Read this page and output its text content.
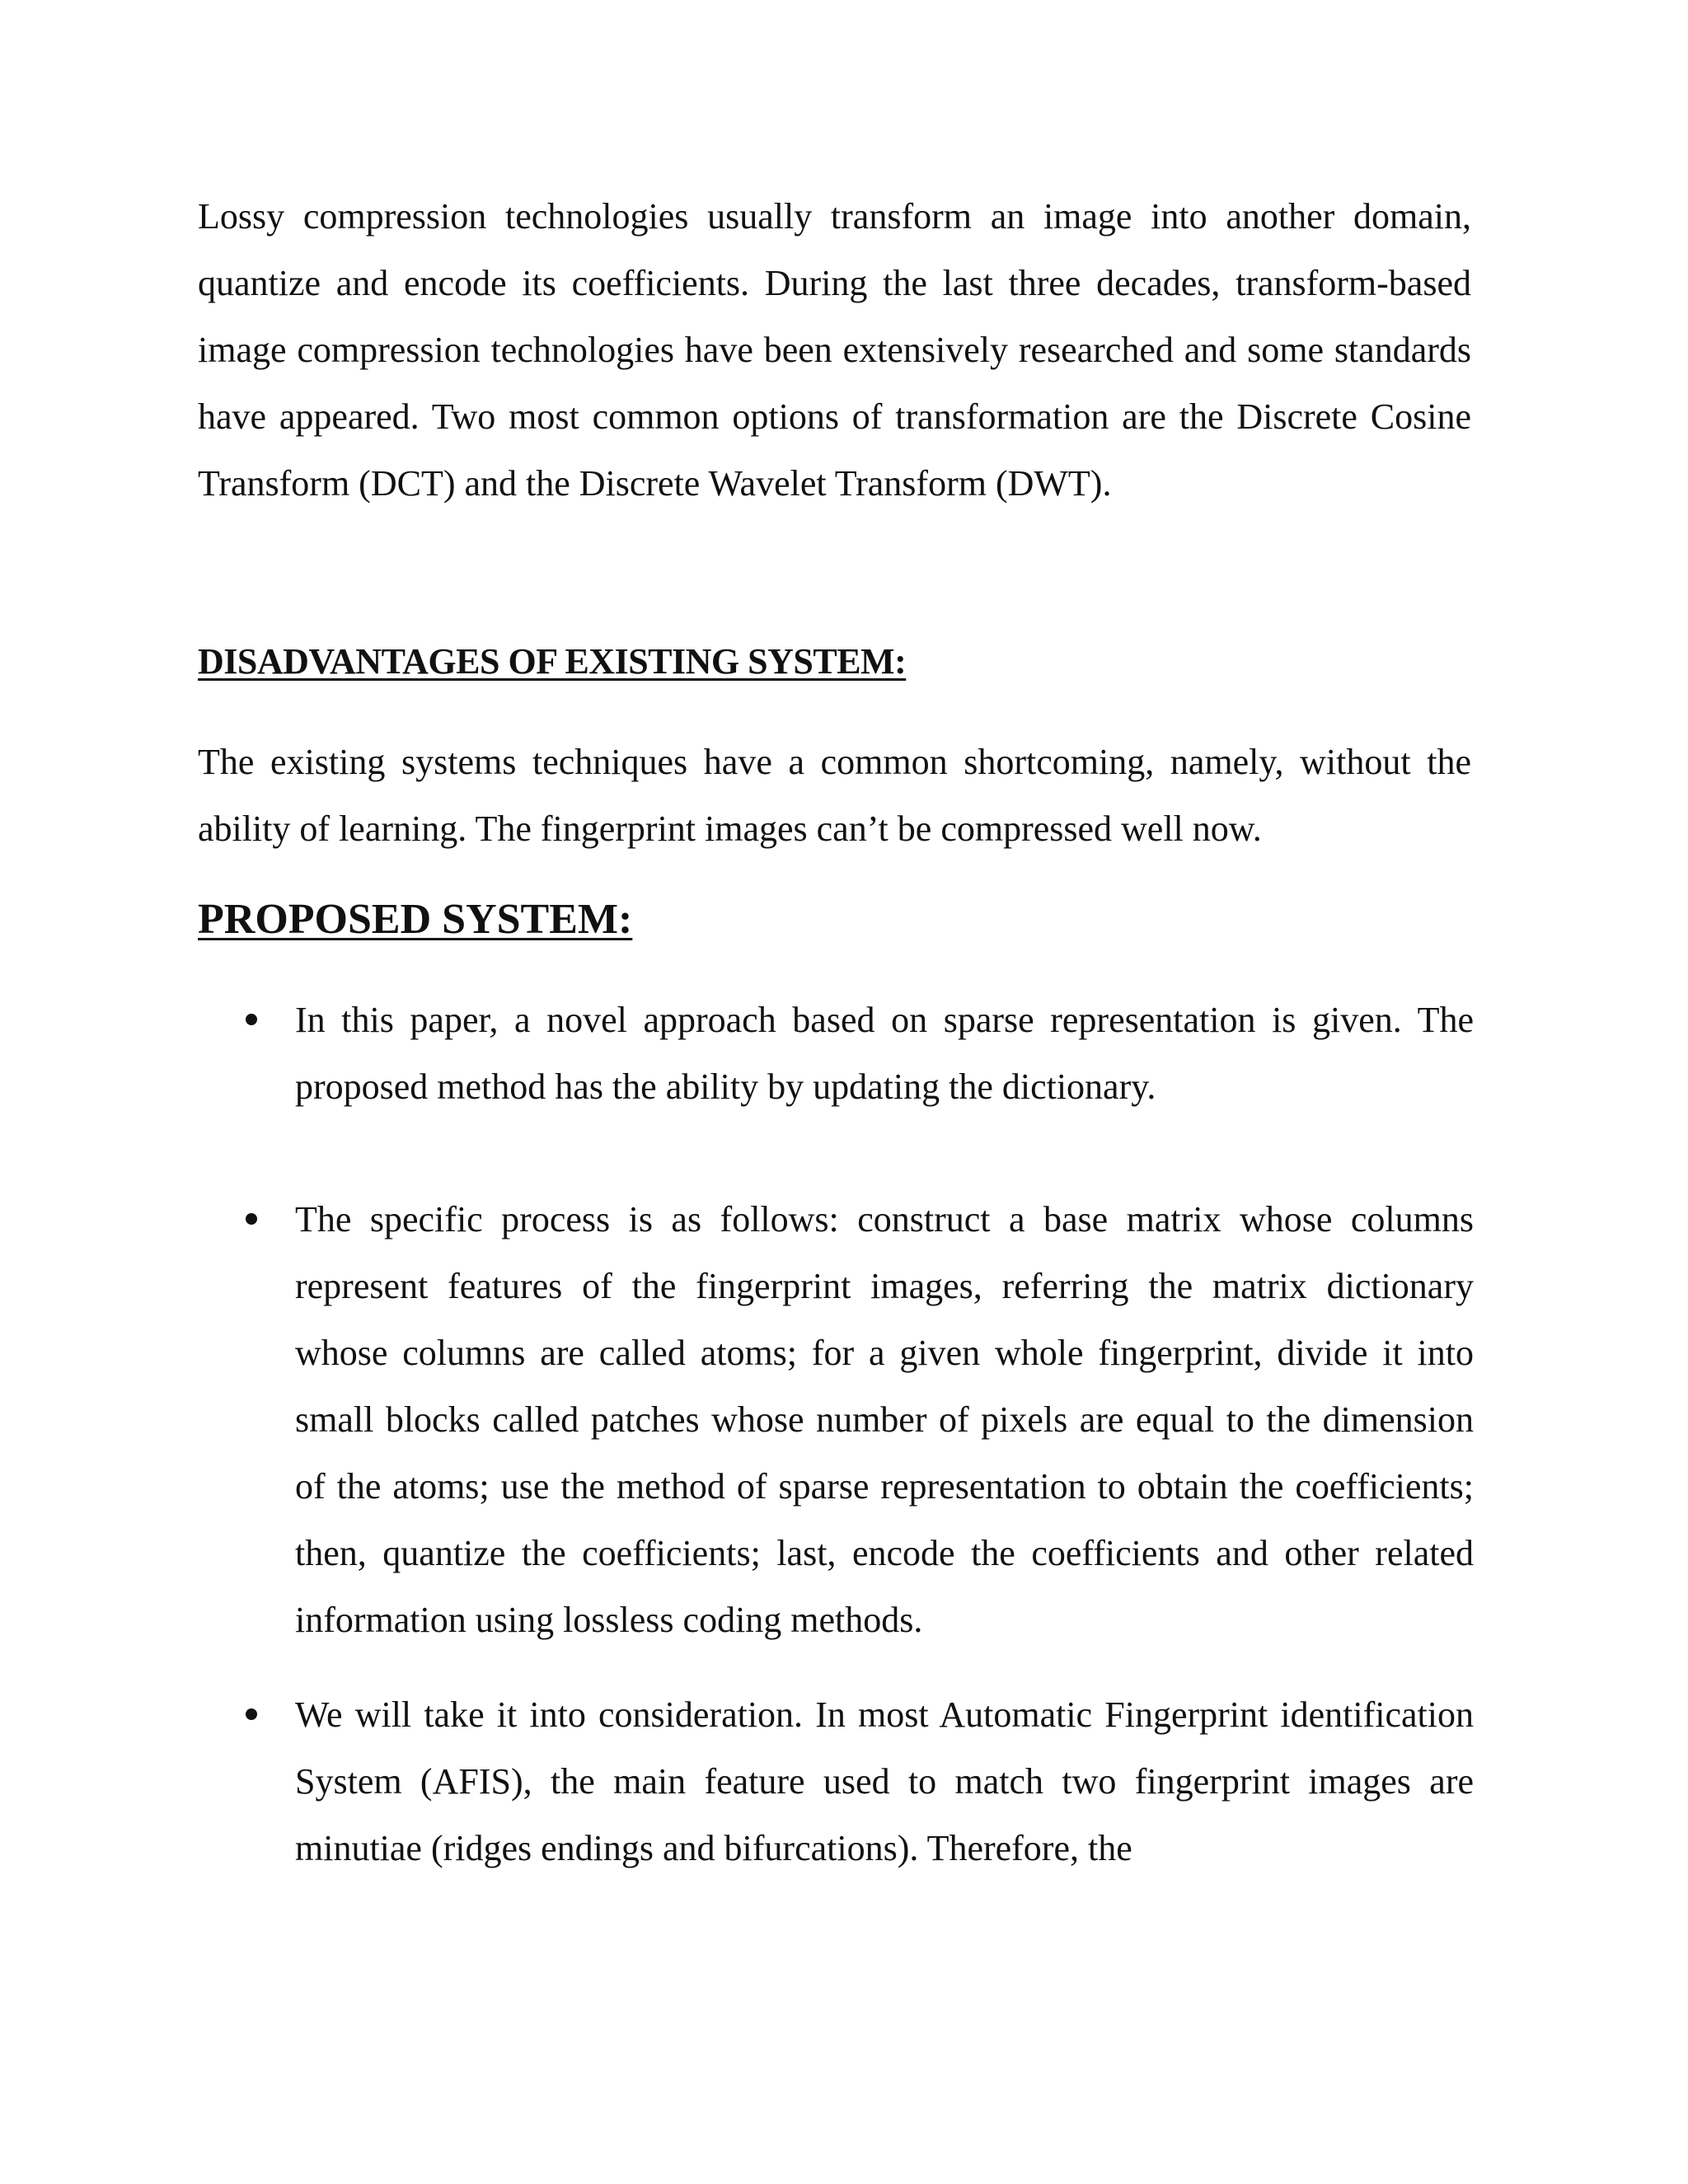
Lossy compression technologies usually transform an image into another domain, quantize and encode its coefficients. During the last three decades, transform-based image compression technologies have been extensively researched and some standards have appeared. Two most common options of transformation are the Discrete Cosine Transform (DCT) and the Discrete Wavelet Transform (DWT).

DISADVANTAGES OF EXISTING SYSTEM:

The existing systems techniques have a common shortcoming, namely, without the ability of learning. The fingerprint images can’t be compressed well now.

PROPOSED SYSTEM:

In this paper, a novel approach based on sparse representation is given. The proposed method has the ability by updating the dictionary.

The specific process is as follows: construct a base matrix whose columns represent features of the fingerprint images, referring the matrix dictionary whose columns are called atoms; for a given whole fingerprint, divide it into small blocks called patches whose number of pixels are equal to the dimension of the atoms; use the method of sparse representation to obtain the coefficients; then, quantize the coefficients; last, encode the coefficients and other related information using lossless coding methods.

We will take it into consideration. In most Automatic Fingerprint identification System (AFIS), the main feature used to match two fingerprint images are minutiae (ridges endings and bifurcations). Therefore, the
